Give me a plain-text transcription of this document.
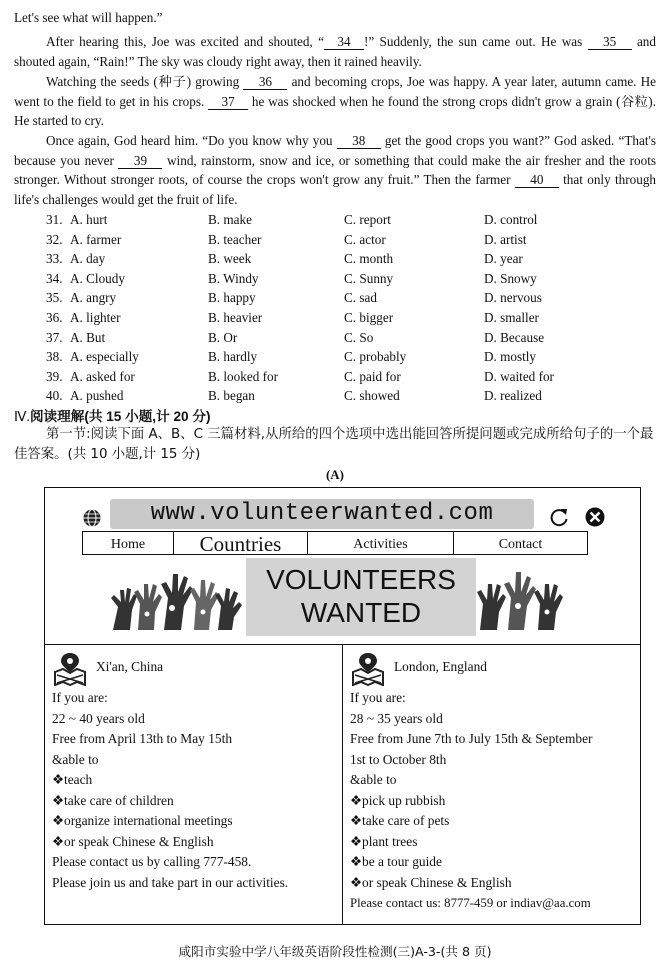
Let's see what will happen.”
After hearing this, Joe was excited and shouted, “ 34 !” Suddenly, the sun came out. He was 35 and shouted again, “Rain!” The sky was cloudy right away, then it rained heavily.
Watching the seeds (种子) growing 36 and becoming crops, Joe was happy. A year later, autumn came. He went to the field to get in his crops. 37 he was shocked when he found the strong crops didn't grow a grain (谷粒). He started to cry.
Once again, God heard him. “Do you know why you 38 get the good crops you want?” God asked. “That's because you never 39 wind, rainstorm, snow and ice, or something that could make the air fresher and the roots stronger. Without stronger roots, of course the crops won't grow any fruit.” Then the farmer 40 that only through life's challenges would get the fruit of life.
31. A. hurt	B. make	C. report	D. control
32. A. farmer	B. teacher	C. actor	D. artist
33. A. day	B. week	C. month	D. year
34. A. Cloudy	B. Windy	C. Sunny	D. Snowy
35. A. angry	B. happy	C. sad	D. nervous
36. A. lighter	B. heavier	C. bigger	D. smaller
37. A. But	B. Or	C. So	D. Because
38. A. especially	B. hardly	C. probably	D. mostly
39. A. asked for	B. looked for	C. paid for	D. waited for
40. A. pushed	B. began	C. showed	D. realized
Ⅳ.阅读理解(共 15 小题,计 20 分)
第一节:阅读下面 A、B、C 三篇材料,从所给的四个选项中选出能回答所提问题或完成所给句子的一个最佳答案。(共 10 小题,计 15 分)
(A)
www.volunteerwanted.com
Home	Countries	Activities	Contact
VOLUNTEERS
WANTED
Xi'an, China
If you are:
22 ~ 40 years old
Free from April 13th to May 15th
&able to
❖teach
❖take care of children
❖organize international meetings
❖or speak Chinese & English
Please contact us by calling 777-458.
Please join us and take part in our activities.
London, England
If you are:
28 ~ 35 years old
Free from June 7th to July 15th & September
1st to October 8th
&able to
❖pick up rubbish
❖take care of pets
❖plant trees
❖be a tour guide
❖or speak Chinese & English
Please contact us: 8777-459 or indiav@aa.com
咸阳市实验中学八年级英语阶段性检测(三)A-3-(共 8 页)
